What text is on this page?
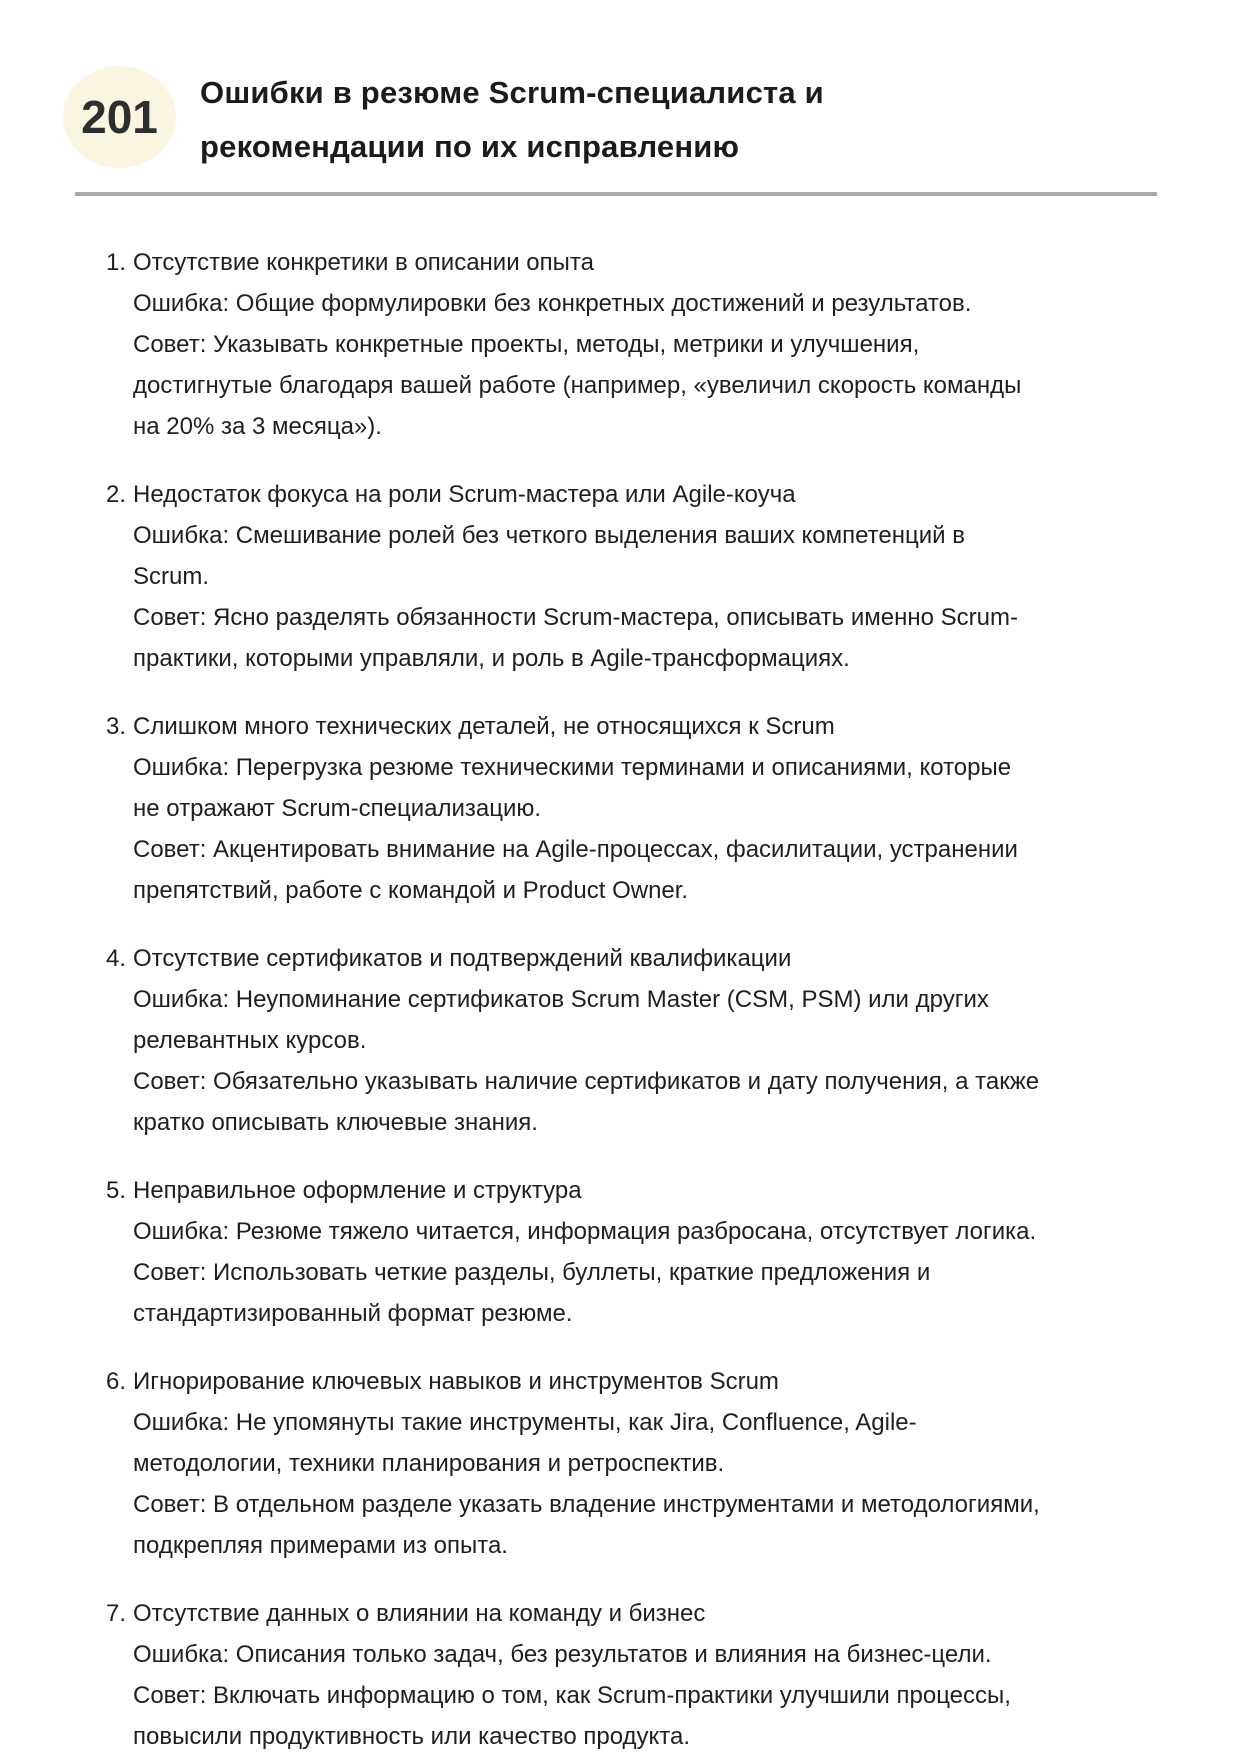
201 Ошибки в резюме Scrum-специалиста и
рекомендации по их исправлению
1. Отсутствие конкретики в описании опыта

Ошибка: Общие формулировки без конкретных достижений и результатов.

Совет: Указывать конкретные проекты, методы, метрики и улучшения, достигнутые благодаря вашей работе (например, «увеличил скорость команды на 20% за 3 месяца»).

2. Недостаток фокуса на роли Scrum-мастера или Agile-коуча

Ошибка: Смешивание ролей без четкого выделения ваших компетенций в Scrum.

Совет: Ясно разделять обязанности Scrum-мастера, описывать именно Scrum-практики, которыми управляли, и роль в Agile-трансформациях.

3. Слишком много технических деталей, не относящихся к Scrum

Ошибка: Перегрузка резюме техническими терминами и описаниями, которые не отражают Scrum-специализацию.

Совет: Акцентировать внимание на Agile-процессах, фасилитации, устранении препятствий, работе с командой и Product Owner.

4. Отсутствие сертификатов и подтверждений квалификации

Ошибка: Неупоминание сертификатов Scrum Master (CSM, PSM) или других релевантных курсов.

Совет: Обязательно указывать наличие сертификатов и дату получения, а также кратко описывать ключевые знания.

5. Неправильное оформление и структура

Ошибка: Резюме тяжело читается, информация разбросана, отсутствует логика.

Совет: Использовать четкие разделы, буллеты, краткие предложения и стандартизированный формат резюме.

6. Игнорирование ключевых навыков и инструментов Scrum

Ошибка: Не упомянуты такие инструменты, как Jira, Confluence, Agile-методологии, техники планирования и ретроспектив.

Совет: В отдельном разделе указать владение инструментами и методологиями, подкрепляя примерами из опыта.

7. Отсутствие данных о влиянии на команду и бизнес

Ошибка: Описания только задач, без результатов и влияния на бизнес-цели.

Совет: Включать информацию о том, как Scrum-практики улучшили процессы, повысили продуктивность или качество продукта.
